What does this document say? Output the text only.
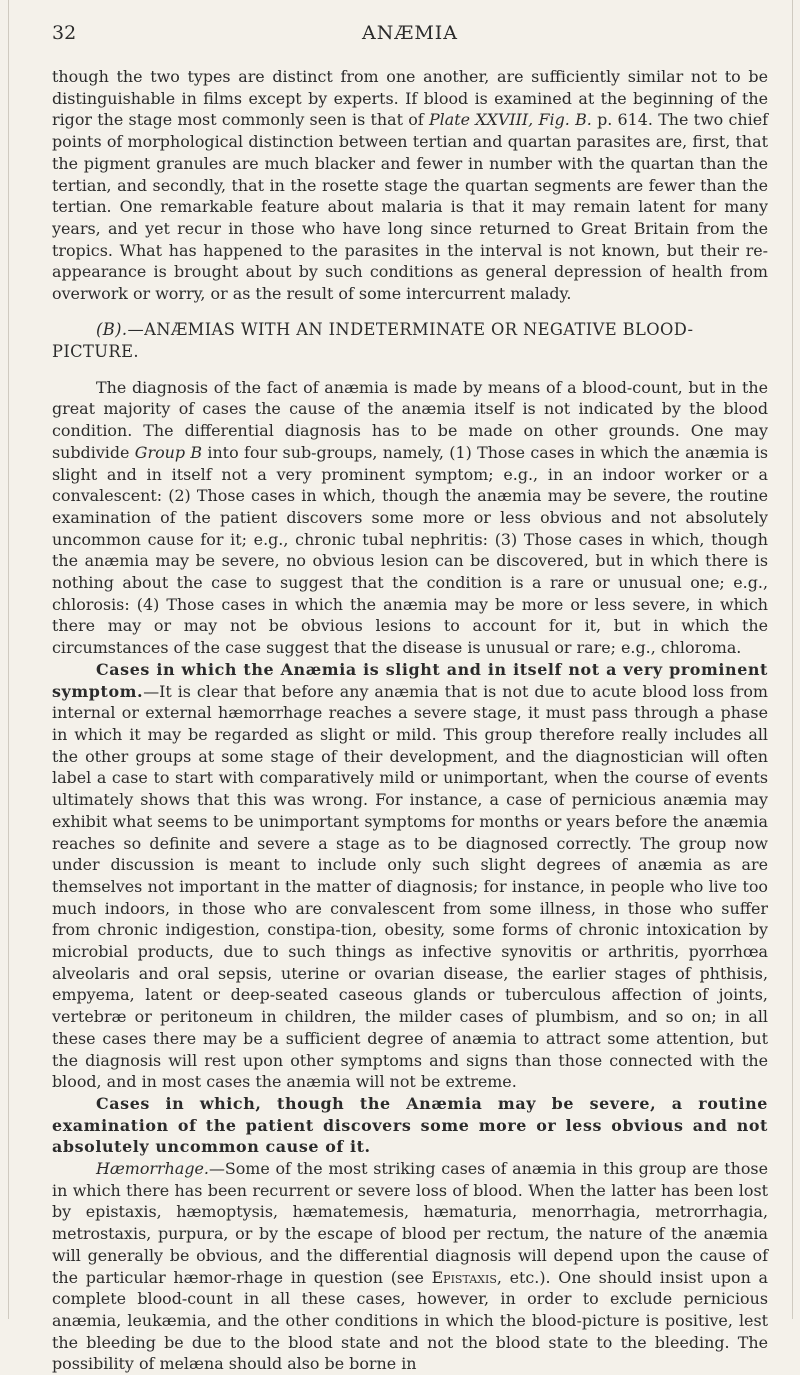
32	ANÆMIA

though the two types are distinct from one another, are sufficiently similar not to be distinguishable in films except by experts. If blood is examined at the beginning of the rigor the stage most commonly seen is that of Plate XXVIII, Fig. B. p. 614. The two chief points of morphological distinction between tertian and quartan parasites are, first, that the pigment granules are much blacker and fewer in number with the quartan than the tertian, and secondly, that in the rosette stage the quartan segments are fewer than the tertian. One remarkable feature about malaria is that it may remain latent for many years, and yet recur in those who have long since returned to Great Britain from the tropics. What has happened to the parasites in the interval is not known, but their re-appearance is brought about by such conditions as general depression of health from overwork or worry, or as the result of some intercurrent malady.

(B).—ANÆMIAS WITH AN INDETERMINATE OR NEGATIVE BLOOD-PICTURE.

The diagnosis of the fact of anæmia is made by means of a blood-count, but in the great majority of cases the cause of the anæmia itself is not indicated by the blood condition. The differential diagnosis has to be made on other grounds. One may subdivide Group B into four sub-groups, namely, (1) Those cases in which the anæmia is slight and in itself not a very prominent symptom; e.g., in an indoor worker or a convalescent: (2) Those cases in which, though the anæmia may be severe, the routine examination of the patient discovers some more or less obvious and not absolutely uncommon cause for it; e.g., chronic tubal nephritis: (3) Those cases in which, though the anæmia may be severe, no obvious lesion can be discovered, but in which there is nothing about the case to suggest that the condition is a rare or unusual one; e.g., chlorosis: (4) Those cases in which the anæmia may be more or less severe, in which there may or may not be obvious lesions to account for it, but in which the circumstances of the case suggest that the disease is unusual or rare; e.g., chloroma.

Cases in which the Anæmia is slight and in itself not a very prominent symptom.—It is clear that before any anæmia that is not due to acute blood loss from internal or external hæmorrhage reaches a severe stage, it must pass through a phase in which it may be regarded as slight or mild. This group therefore really includes all the other groups at some stage of their development, and the diagnostician will often label a case to start with comparatively mild or unimportant, when the course of events ultimately shows that this was wrong. For instance, a case of pernicious anæmia may exhibit what seems to be unimportant symptoms for months or years before the anæmia reaches so definite and severe a stage as to be diagnosed correctly. The group now under discussion is meant to include only such slight degrees of anæmia as are themselves not important in the matter of diagnosis; for instance, in people who live too much indoors, in those who are convalescent from some illness, in those who suffer from chronic indigestion, constipa-tion, obesity, some forms of chronic intoxication by microbial products, due to such things as infective synovitis or arthritis, pyorrhœa alveolaris and oral sepsis, uterine or ovarian disease, the earlier stages of phthisis, empyema, latent or deep-seated caseous glands or tuberculous affection of joints, vertebræ or peritoneum in children, the milder cases of plumbism, and so on; in all these cases there may be a sufficient degree of anæmia to attract some attention, but the diagnosis will rest upon other symptoms and signs than those connected with the blood, and in most cases the anæmia will not be extreme.

Cases in which, though the Anæmia may be severe, a routine examination of the patient discovers some more or less obvious and not absolutely uncommon cause of it.

Hæmorrhage.—Some of the most striking cases of anæmia in this group are those in which there has been recurrent or severe loss of blood. When the latter has been lost by epistaxis, hæmoptysis, hæmatemesis, hæmaturia, menorrhagia, metrorrhagia, metrostaxis, purpura, or by the escape of blood per rectum, the nature of the anæmia will generally be obvious, and the differential diagnosis will depend upon the cause of the particular hæmor-rhage in question (see Epistaxis, etc.). One should insist upon a complete blood-count in all these cases, however, in order to exclude pernicious anæmia, leukæmia, and the other conditions in which the blood-picture is positive, lest the bleeding be due to the blood state and not the blood state to the bleeding. The possibility of melæna should also be borne in
